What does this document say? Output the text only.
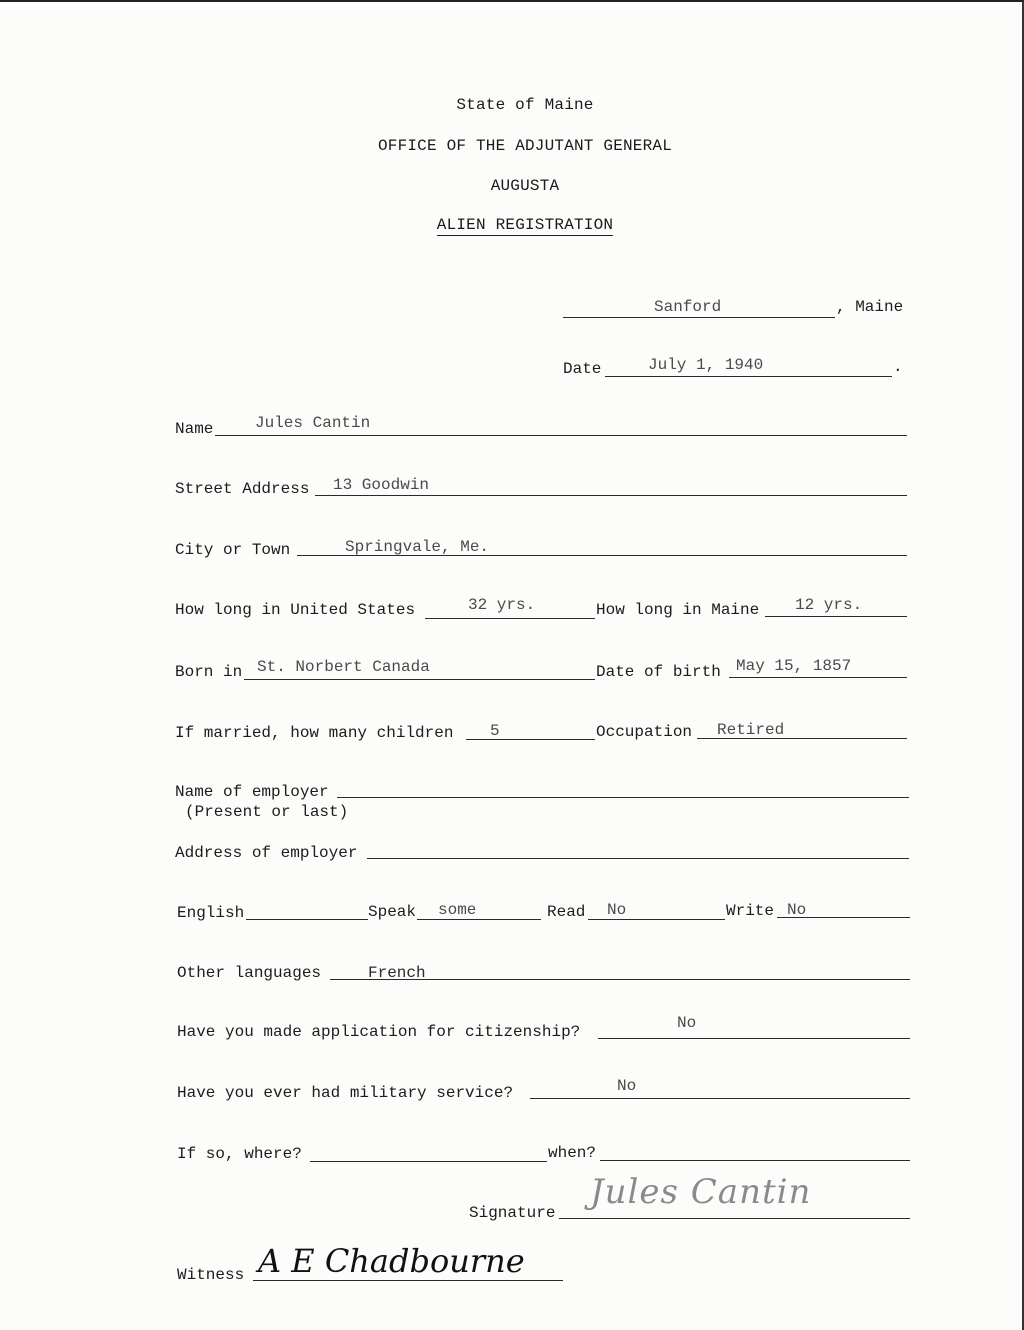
State of Maine
OFFICE OF THE ADJUTANT GENERAL
AUGUSTA
ALIEN REGISTRATION
Sanford	, Maine
Date	July 1, 1940	.
Name	Jules Cantin
Street Address 13 Goodwin
City or Town	Springvale, Me.
How long in United States	32 yrs.	How long in Maine 12 yrs.
Born in St. Norbert Canada	Date of birth May 15, 1857
If married, how many children 5	Occupation Retired
Name of employer
(Present or last)
Address of employer
English	Speak some	Read No	Write No
Other languages	French
Have you made application for citizenship?	No
Have you ever had military service?	No
If so, where?	when?
Signature
Jules Cantin
Witness A E Chadbourne
